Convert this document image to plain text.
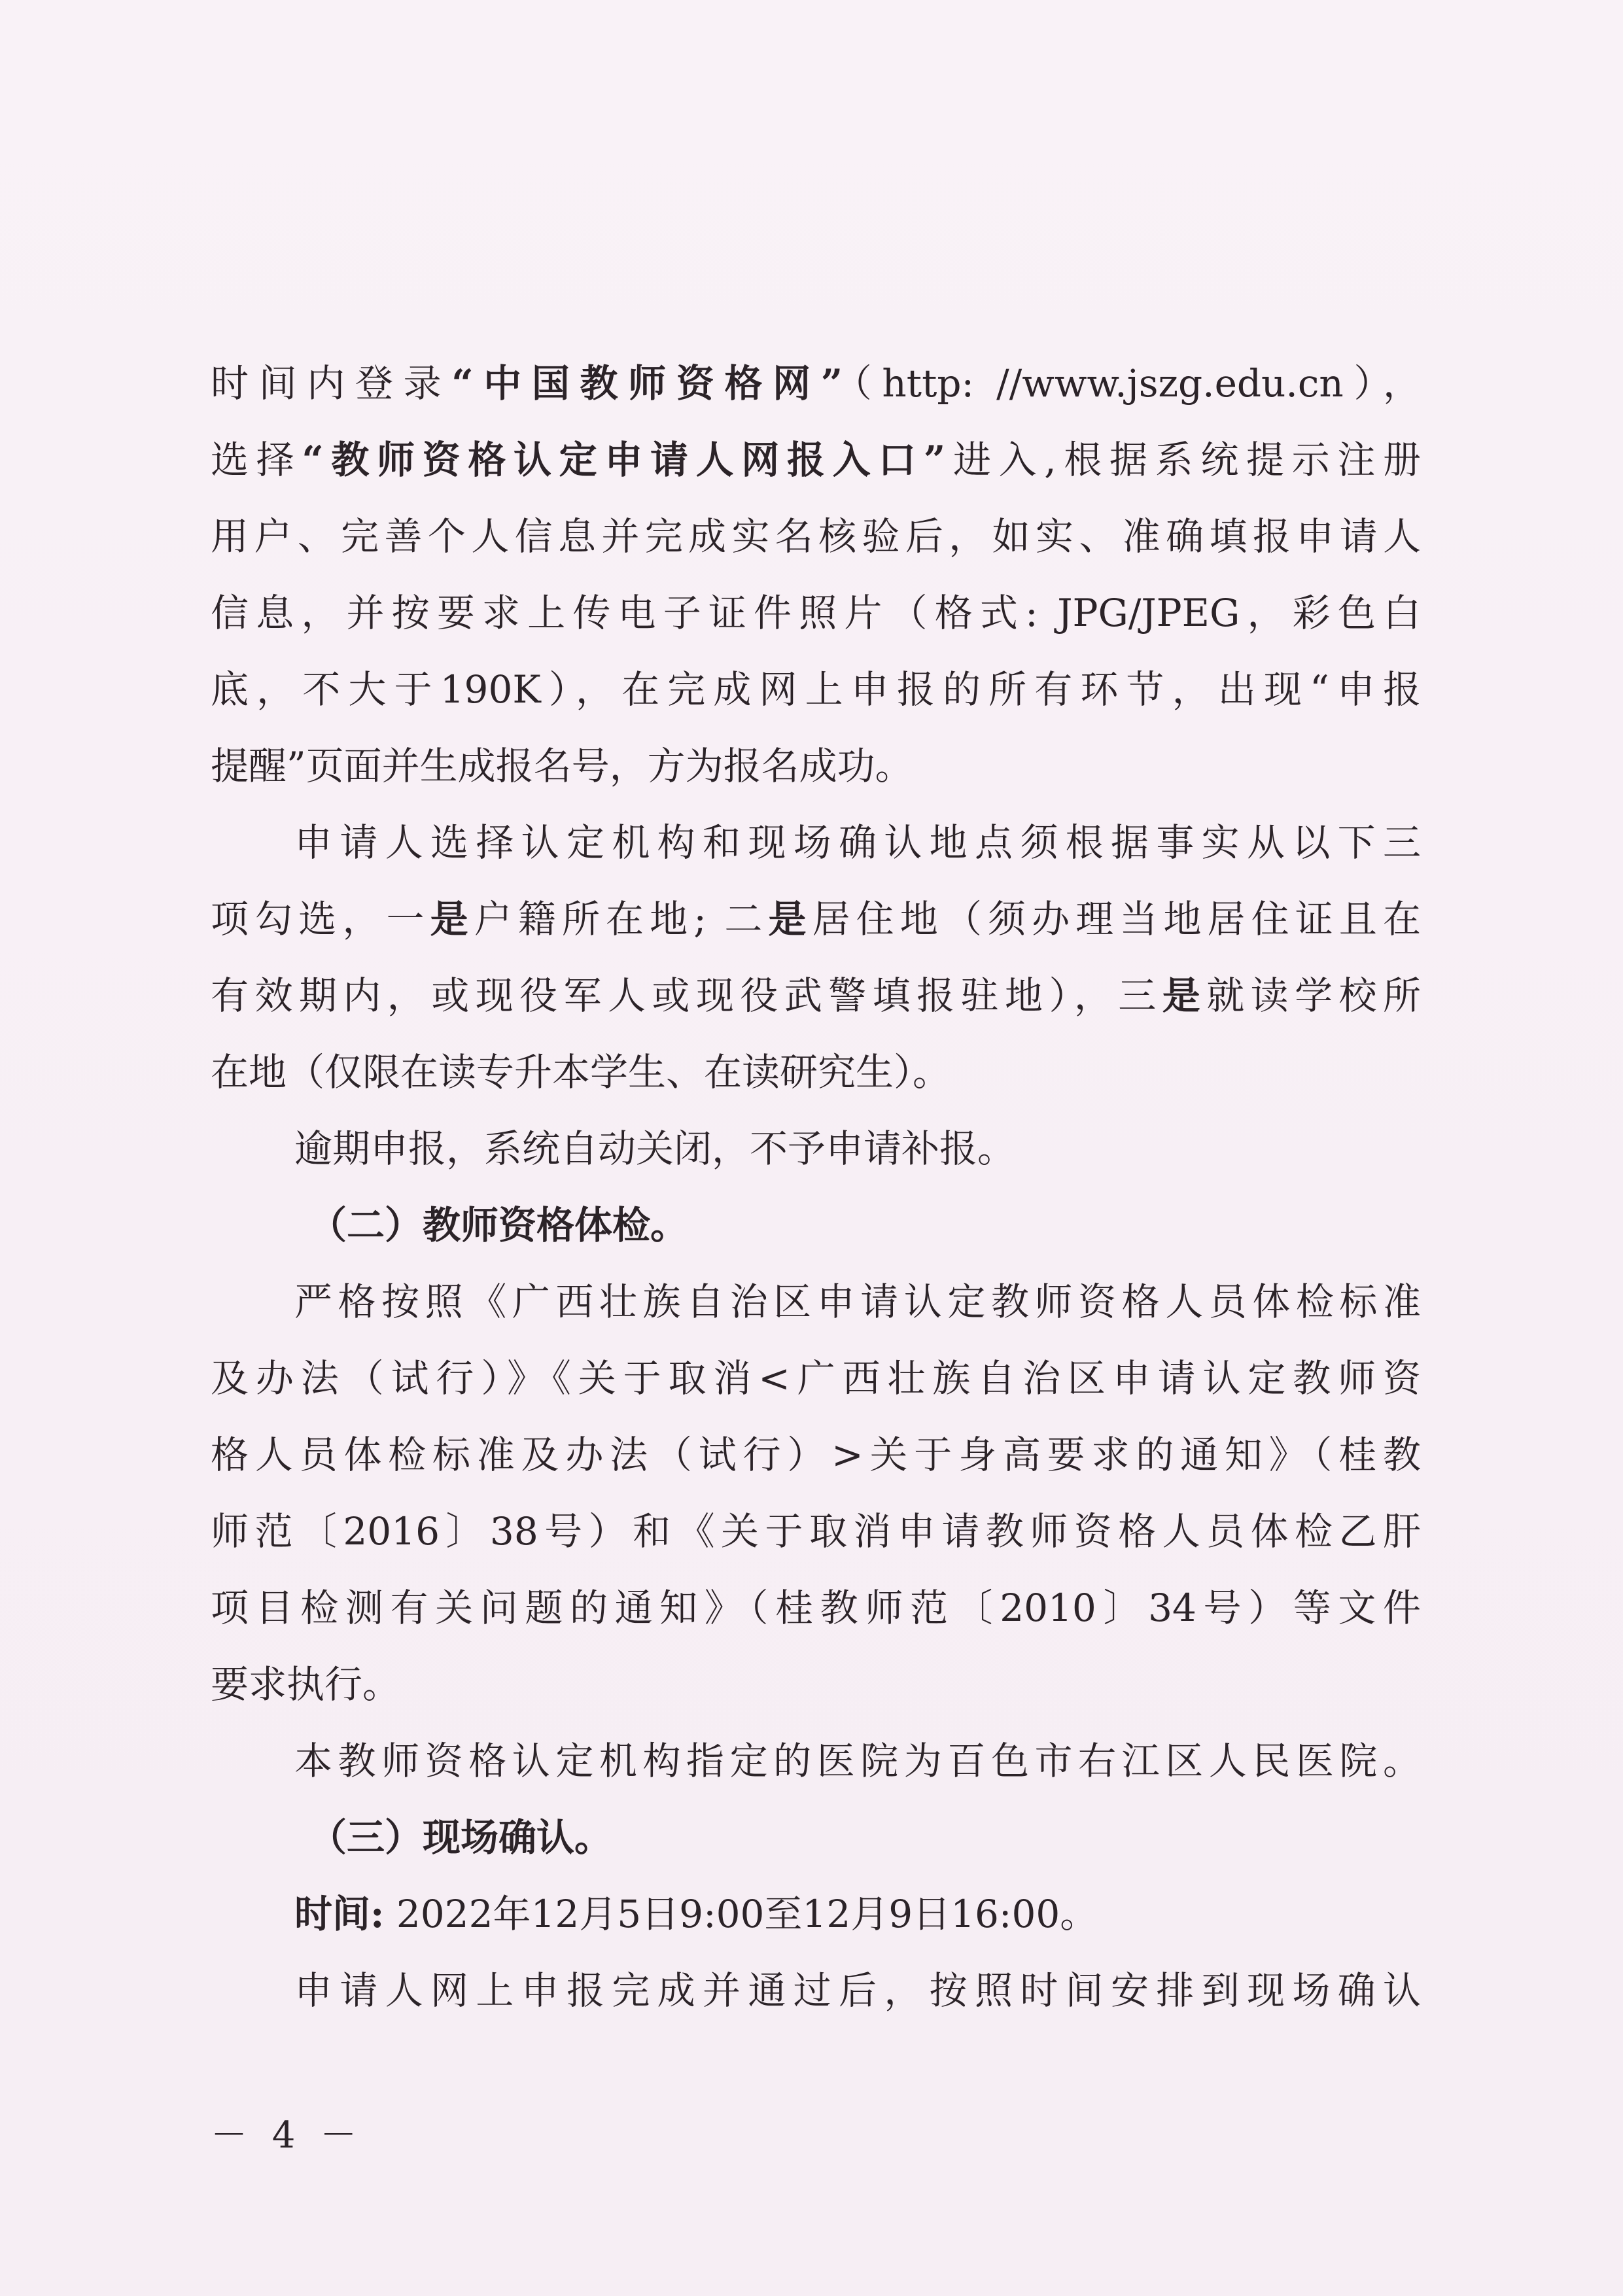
时间内登录“中国教师资格网”（http: //www.jszg.edu.cn），

选择“教师资格认定申请人网报入口”进入,根据系统提示注册

用户、完善个人信息并完成实名核验后，如实、准确填报申请人

信息，并按要求上传电子证件照片（格式: JPG/JPEG，彩色白

底，不大于190K），在完成网上申报的所有环节，出现“申报

提醒”页面并生成报名号，方为报名成功。

申请人选择认定机构和现场确认地点须根据事实从以下三

项勾选，一是户籍所在地; 二是居住地（须办理当地居住证且在

有效期内，或现役军人或现役武警填报驻地），三是就读学校所

在地（仅限在读专升本学生、在读研究生）。

逾期申报，系统自动关闭，不予申请补报。

（二）教师资格体检。

严格按照《广西壮族自治区申请认定教师资格人员体检标准

及办法（试行）》《关于取消<广西壮族自治区申请认定教师资

格人员体检标准及办法（试行）>关于身高要求的通知》（桂教

师范〔2016〕38号）和《关于取消申请教师资格人员体检乙肝

项目检测有关问题的通知》（桂教师范〔2010〕34号）等文件

要求执行。

本教师资格认定机构指定的医院为百色市右江区人民医院。

（三）现场确认。

时间: 2022年12月5日9:00至12月9日16:00。

申请人网上申报完成并通过后，按照时间安排到现场确认

－ 4 －
